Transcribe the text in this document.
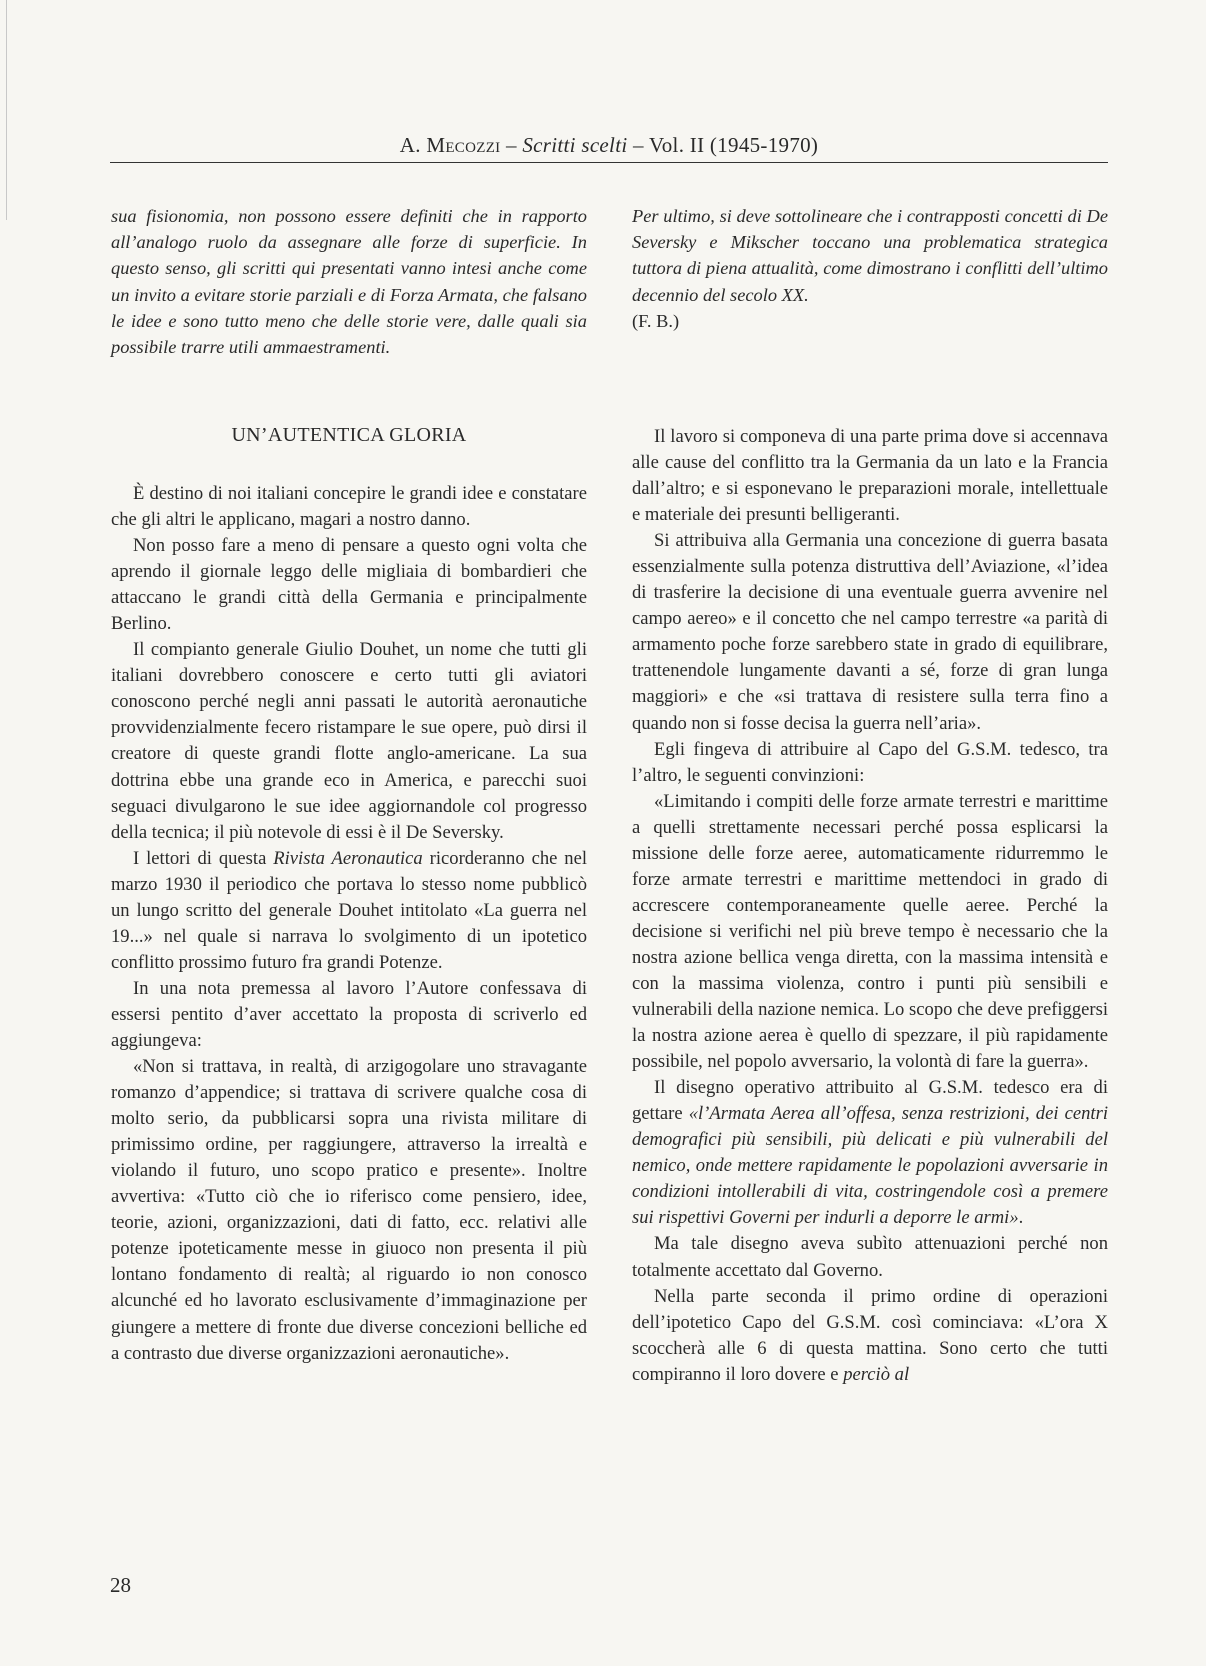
A. Mecozzi – Scritti scelti – Vol. II (1945-1970)

sua fisionomia, non possono essere definiti che in rapporto all’analogo ruolo da assegnare alle forze di superficie. In questo senso, gli scritti qui presentati vanno intesi anche come un invito a evitare storie parziali e di Forza Armata, che falsano le idee e sono tutto meno che delle storie vere, dalle quali sia possibile trarre utili ammaestramenti.

Per ultimo, si deve sottolineare che i contrapposti concetti di De Seversky e Mikscher toccano una problematica strategica tuttora di piena attualità, come dimostrano i conflitti dell’ultimo decennio del secolo XX.

(F. B.)

UN’AUTENTICA GLORIA

È destino di noi italiani concepire le grandi idee e constatare che gli altri le applicano, magari a nostro danno.

Non posso fare a meno di pensare a questo ogni volta che aprendo il giornale leggo delle migliaia di bombardieri che attaccano le grandi città della Germania e principalmente Berlino.

Il compianto generale Giulio Douhet, un nome che tutti gli italiani dovrebbero conoscere e certo tutti gli aviatori conoscono perché negli anni passati le autorità aeronautiche provvidenzialmente fecero ristampare le sue opere, può dirsi il creatore di queste grandi flotte anglo-americane. La sua dottrina ebbe una grande eco in America, e parecchi suoi seguaci divulgarono le sue idee aggiornandole col progresso della tecnica; il più notevole di essi è il De Seversky.

I lettori di questa Rivista Aeronautica ricorderanno che nel marzo 1930 il periodico che portava lo stesso nome pubblicò un lungo scritto del generale Douhet intitolato «La guerra nel 19...» nel quale si narrava lo svolgimento di un ipotetico conflitto prossimo futuro fra grandi Potenze.

In una nota premessa al lavoro l’Autore confessava di essersi pentito d’aver accettato la proposta di scriverlo ed aggiungeva:

«Non si trattava, in realtà, di arzigogolare uno stravagante romanzo d’appendice; si trattava di scrivere qualche cosa di molto serio, da pubblicarsi sopra una rivista militare di primissimo ordine, per raggiungere, attraverso la irrealtà e violando il futuro, uno scopo pratico e presente». Inoltre avvertiva: «Tutto ciò che io riferisco come pensiero, idee, teorie, azioni, organizzazioni, dati di fatto, ecc. relativi alle potenze ipoteticamente messe in giuoco non presenta il più lontano fondamento di realtà; al riguardo io non conosco alcunché ed ho lavorato esclusivamente d’immaginazione per giungere a mettere di fronte due diverse concezioni belliche ed a contrasto due diverse organizzazioni aeronautiche».

Il lavoro si componeva di una parte prima dove si accennava alle cause del conflitto tra la Germania da un lato e la Francia dall’altro; e si esponevano le preparazioni morale, intellettuale e materiale dei presunti belligeranti.

Si attribuiva alla Germania una concezione di guerra basata essenzialmente sulla potenza distruttiva dell’Aviazione, «l’idea di trasferire la decisione di una eventuale guerra avvenire nel campo aereo» e il concetto che nel campo terrestre «a parità di armamento poche forze sarebbero state in grado di equilibrare, trattenendole lungamente davanti a sé, forze di gran lunga maggiori» e che «si trattava di resistere sulla terra fino a quando non si fosse decisa la guerra nell’aria».

Egli fingeva di attribuire al Capo del G.S.M. tedesco, tra l’altro, le seguenti convinzioni:

«Limitando i compiti delle forze armate terrestri e marittime a quelli strettamente necessari perché possa esplicarsi la missione delle forze aeree, automaticamente ridurremmo le forze armate terrestri e marittime mettendoci in grado di accrescere contemporaneamente quelle aeree. Perché la decisione si verifichi nel più breve tempo è necessario che la nostra azione bellica venga diretta, con la massima intensità e con la massima violenza, contro i punti più sensibili e vulnerabili della nazione nemica. Lo scopo che deve prefiggersi la nostra azione aerea è quello di spezzare, il più rapidamente possibile, nel popolo avversario, la volontà di fare la guerra».

Il disegno operativo attribuito al G.S.M. tedesco era di gettare «l’Armata Aerea all’offesa, senza restrizioni, dei centri demografici più sensibili, più delicati e più vulnerabili del nemico, onde mettere rapidamente le popolazioni avversarie in condizioni intollerabili di vita, costringendole così a premere sui rispettivi Governi per indurli a deporre le armi».

Ma tale disegno aveva subìto attenuazioni perché non totalmente accettato dal Governo.

Nella parte seconda il primo ordine di operazioni dell’ipotetico Capo del G.S.M. così cominciava: «L’ora X scoccherà alle 6 di questa mattina. Sono certo che tutti compiranno il loro dovere e perciò al

28
